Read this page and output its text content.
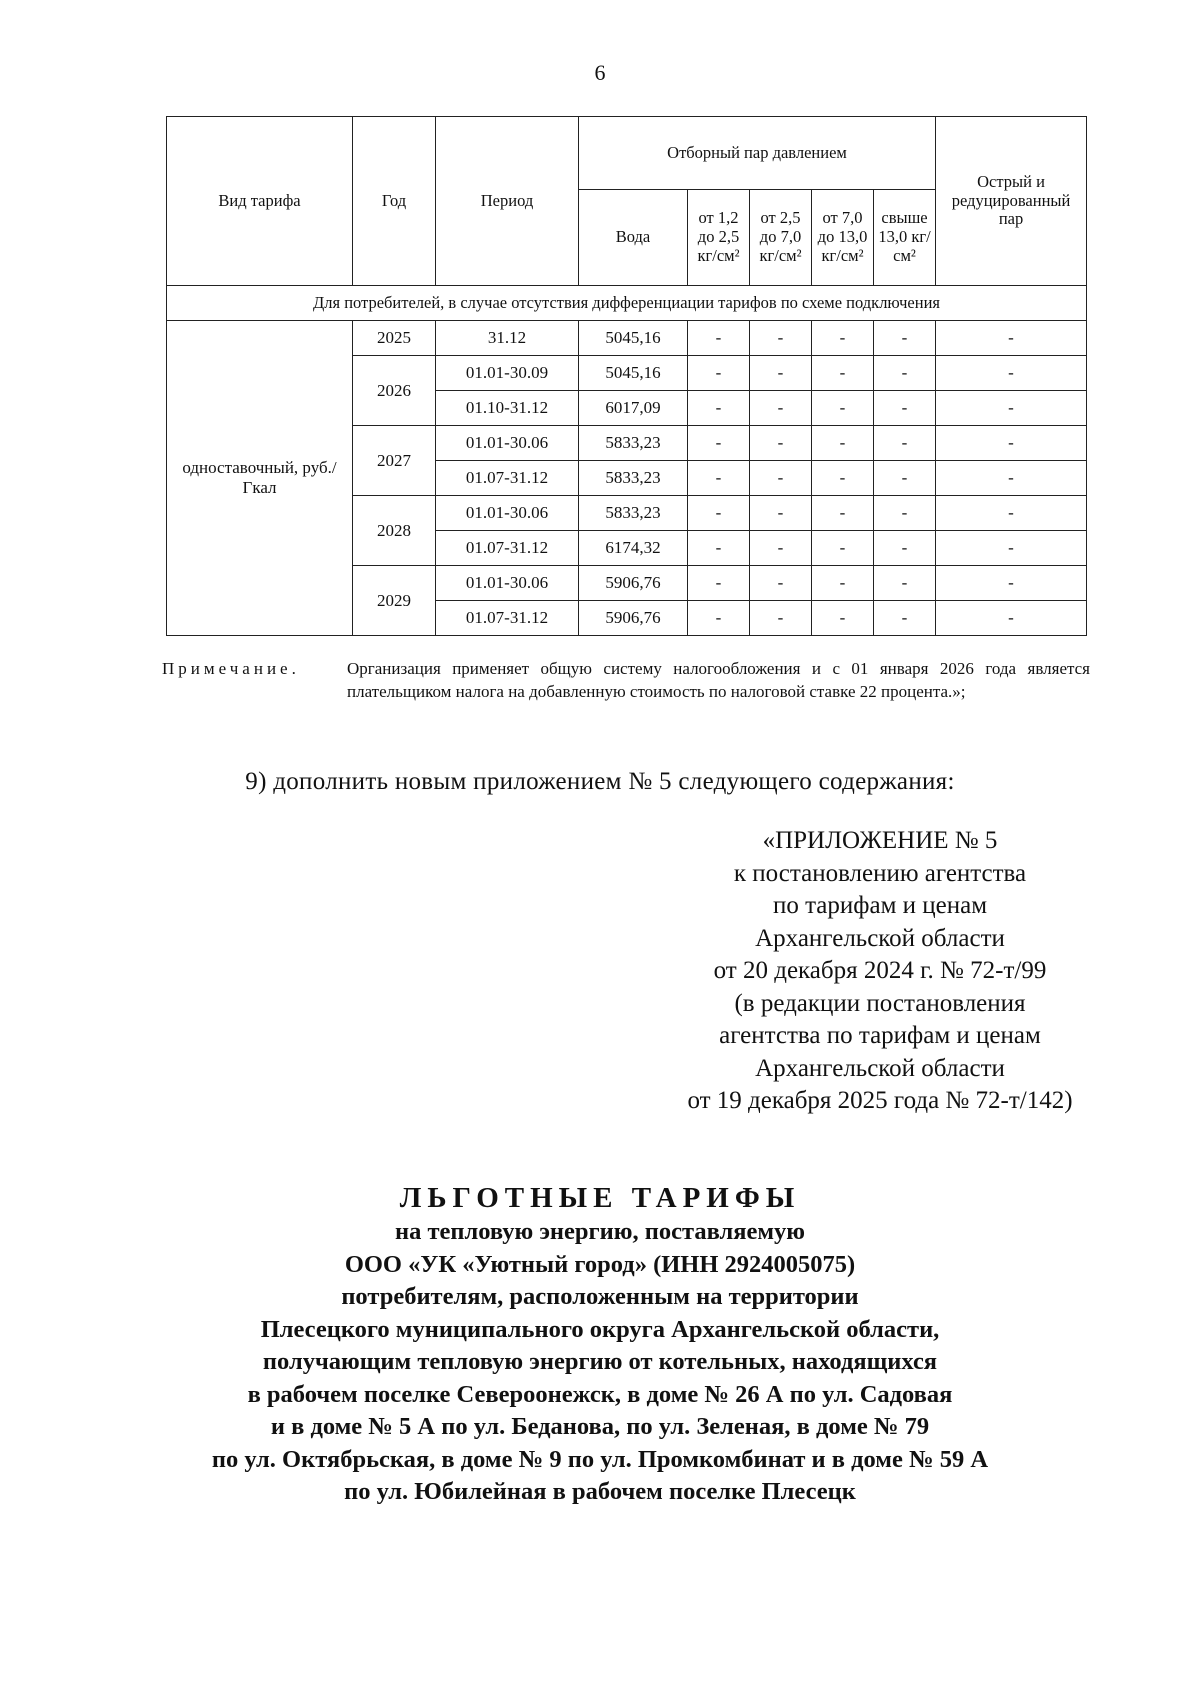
6
Вид тарифа	Год	Период	Отборный пар давлением					Острый и редуцированный пар
			Вода	от 1,2 до 2,5 кг/см²	от 2,5 до 7,0 кг/см²	от 7,0 до 13,0 кг/см²	свыше 13,0 кг/см²	
Для потребителей, в случае отсутствия дифференциации тарифов по схеме подключения								
одноставочный, руб./Гкал	2025	31.12	5045,16	-	-	-	-	-
	2026	01.01-30.09	5045,16	-	-	-	-	-
		01.10-31.12	6017,09	-	-	-	-	-
	2027	01.01-30.06	5833,23	-	-	-	-	-
		01.07-31.12	5833,23	-	-	-	-	-
	2028	01.01-30.06	5833,23	-	-	-	-	-
		01.07-31.12	6174,32	-	-	-	-	-
	2029	01.01-30.06	5906,76	-	-	-	-	-
		01.07-31.12	5906,76	-	-	-	-	-
Примечание.	Организация применяет общую систему налогообложения и с 01 января 2026 года является плательщиком налога на добавленную стоимость по налоговой ставке 22 процента.»;
9) дополнить новым приложением № 5 следующего содержания:
«ПРИЛОЖЕНИЕ № 5
к постановлению агентства
по тарифам и ценам
Архангельской области
от 20 декабря 2024 г. № 72-т/99
(в редакции постановления
агентства по тарифам и ценам
Архангельской области
от 19 декабря 2025 года № 72-т/142)
ЛЬГОТНЫЕ ТАРИФЫ
на тепловую энергию, поставляемую
ООО «УК «Уютный город» (ИНН 2924005075)
потребителям, расположенным на территории
Плесецкого муниципального округа Архангельской области,
получающим тепловую энергию от котельных, находящихся
в рабочем поселке Североонежск, в доме № 26 А по ул. Садовая
и в доме № 5 А по ул. Беданова, по ул. Зеленая, в доме № 79
по ул. Октябрьская, в доме № 9 по ул. Промкомбинат и в доме № 59 А
по ул. Юбилейная в рабочем поселке Плесецк
